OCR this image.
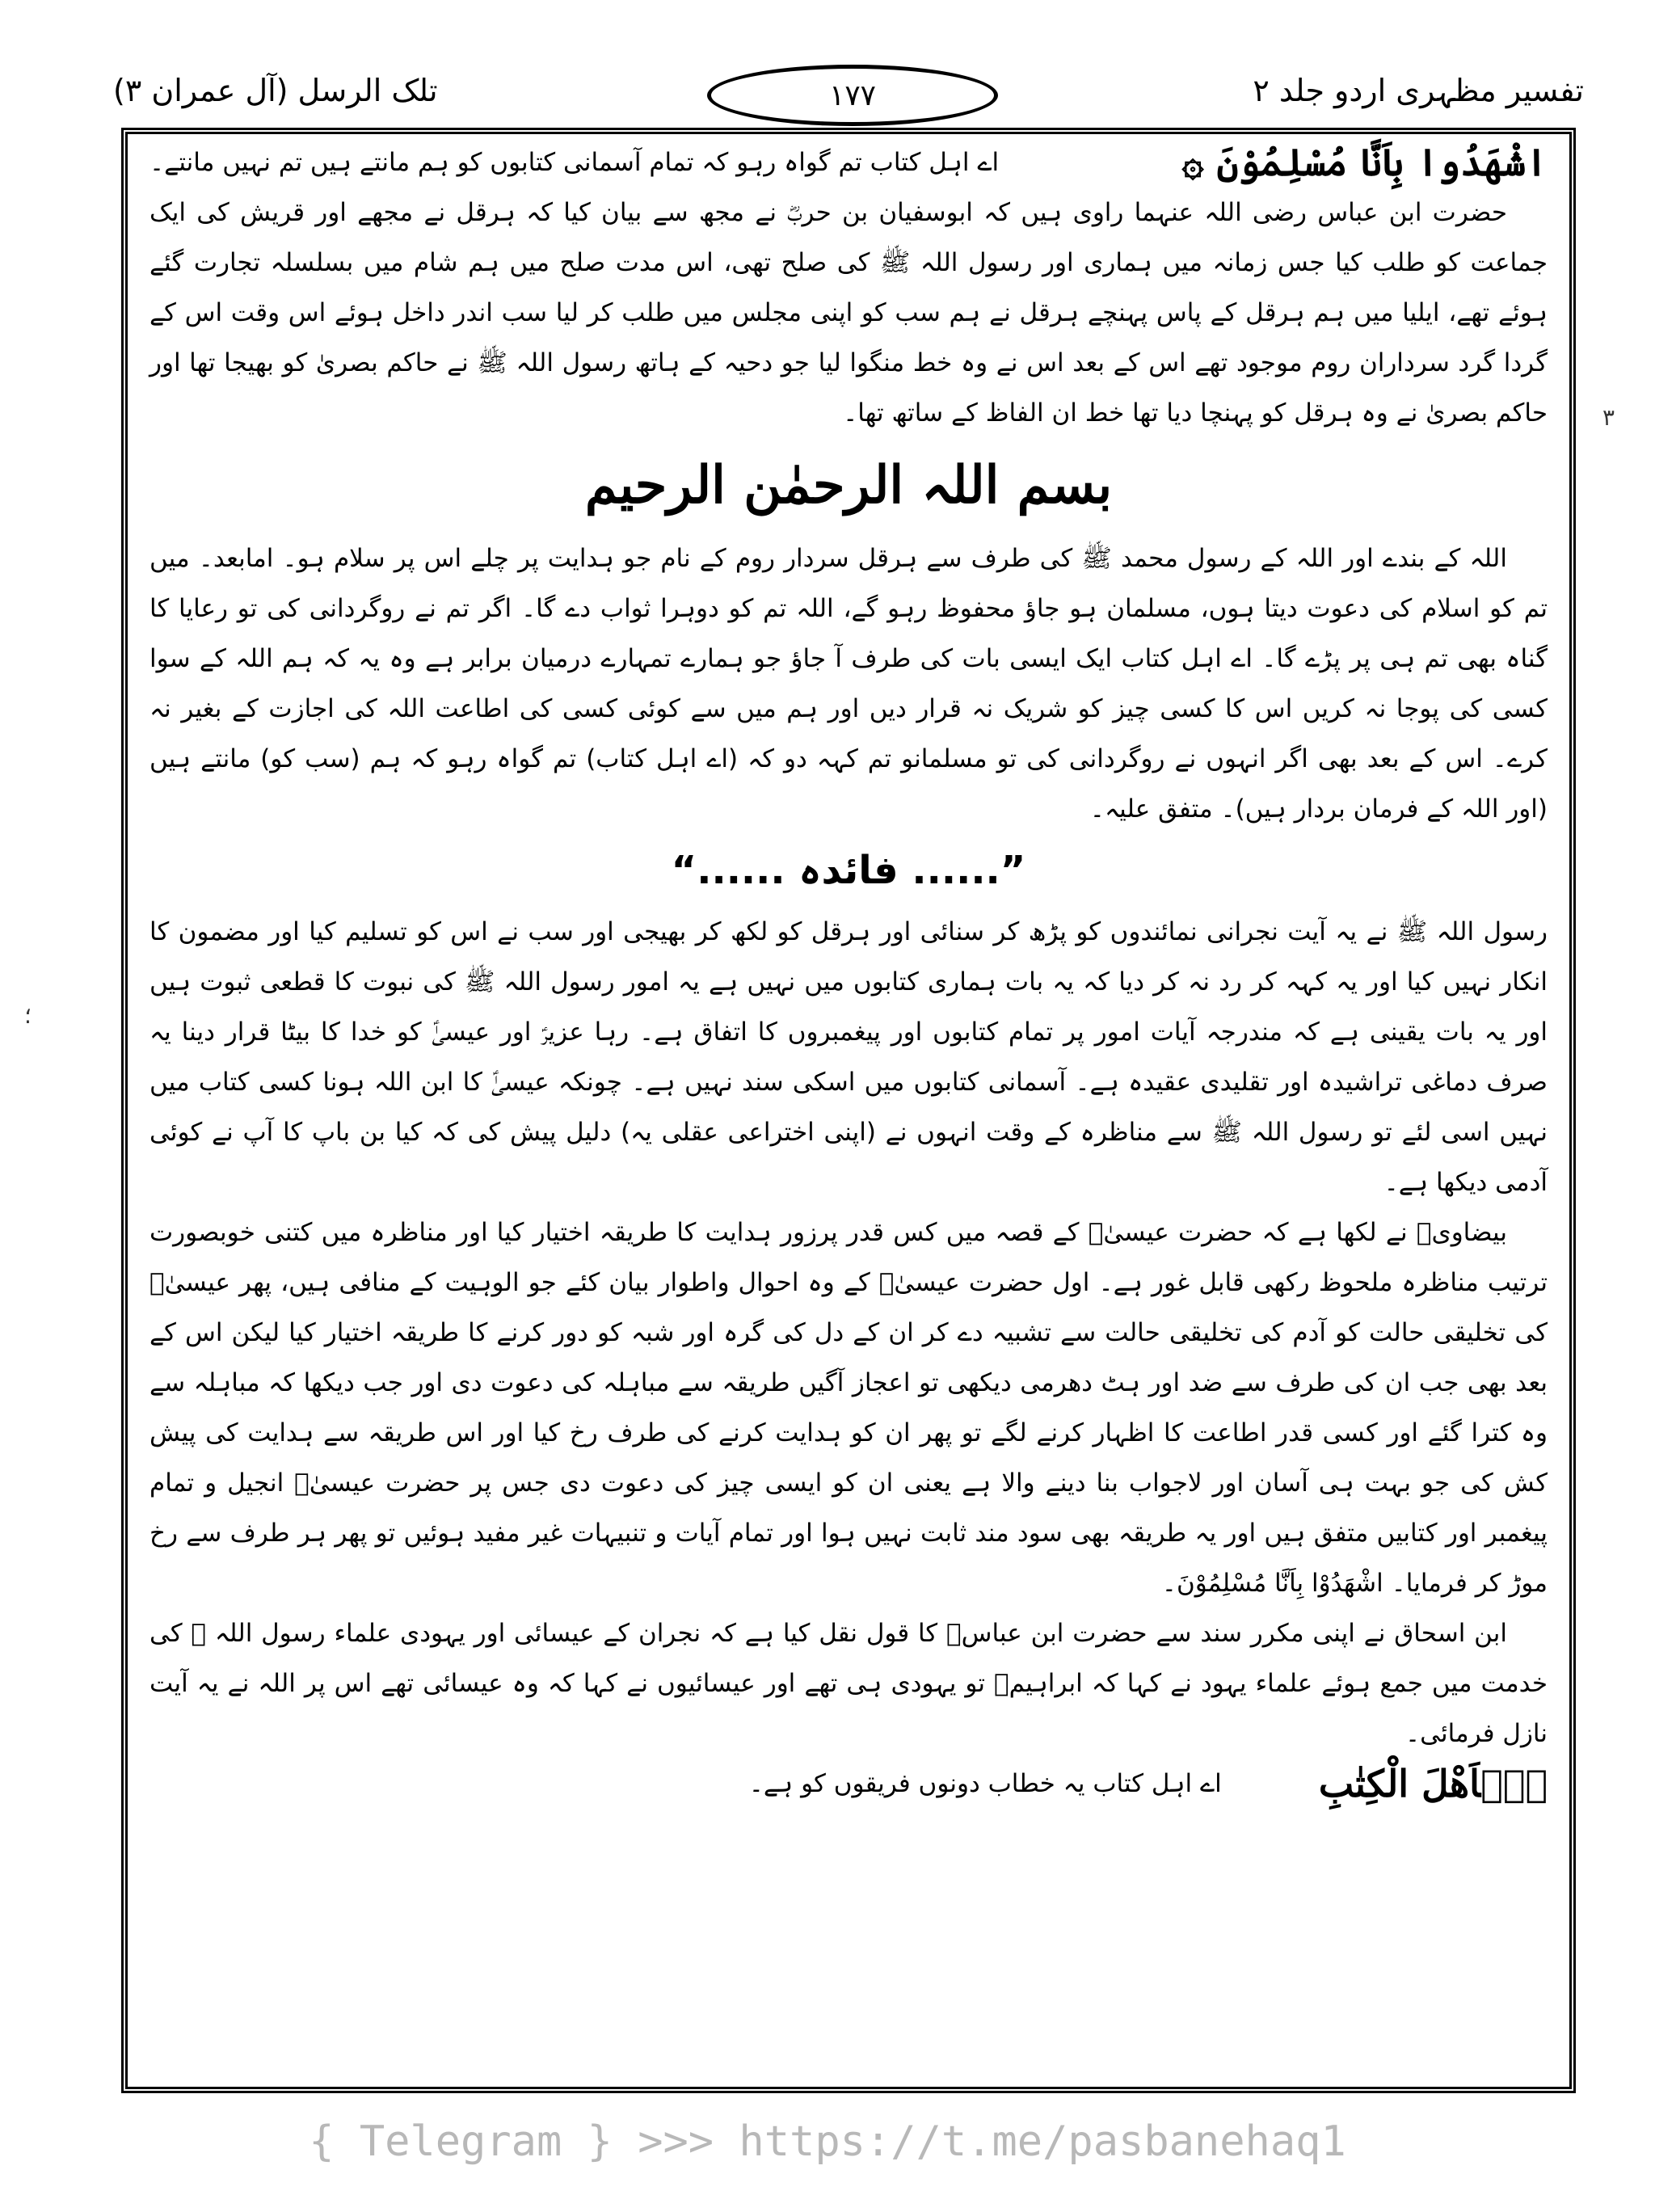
تفسیر مظہری اردو جلد ۲
۱۷۷
تلک الرسل (آل عمران ۳)
۳
؛
اشْهَدُوا بِاَنَّا مُسْلِمُوْنَ ۞
اے اہل کتاب تم گواہ رہو کہ تمام آسمانی کتابوں کو ہم مانتے ہیں تم نہیں مانتے۔

حضرت ابن عباس رضی اللہ عنہما راوی ہیں کہ ابوسفیان بن حربؓ نے مجھ سے بیان کیا کہ ہرقل نے مجھے اور قریش کی ایک جماعت کو طلب کیا جس زمانہ میں ہماری اور رسول اللہ ﷺ کی صلح تھی، اس مدت صلح میں ہم شام میں بسلسلہ تجارت گئے ہوئے تھے، ایلیا میں ہم ہرقل کے پاس پہنچے ہرقل نے ہم سب کو اپنی مجلس میں طلب کر لیا سب اندر داخل ہوئے اس وقت اس کے گردا گرد سرداران روم موجود تھے اس کے بعد اس نے وہ خط منگوا لیا جو دحیہ کے ہاتھ رسول اللہ ﷺ نے حاکم بصریٰ کو بھیجا تھا اور حاکم بصریٰ نے وہ ہرقل کو پہنچا دیا تھا خط ان الفاظ کے ساتھ تھا۔

بسم اللہ الرحمٰن الرحیم

اللہ کے بندے اور اللہ کے رسول محمد ﷺ کی طرف سے ہرقل سردار روم کے نام جو ہدایت پر چلے اس پر سلام ہو۔ امابعد۔ میں تم کو اسلام کی دعوت دیتا ہوں، مسلمان ہو جاؤ محفوظ رہو گے، اللہ تم کو دوہرا ثواب دے گا۔ اگر تم نے روگردانی کی تو رعایا کا گناہ بھی تم ہی پر پڑے گا۔ اے اہل کتاب ایک ایسی بات کی طرف آ جاؤ جو ہمارے تمہارے درمیان برابر ہے وہ یہ کہ ہم اللہ کے سوا کسی کی پوجا نہ کریں اس کا کسی چیز کو شریک نہ قرار دیں اور ہم میں سے کوئی کسی کی اطاعت اللہ کی اجازت کے بغیر نہ کرے۔ اس کے بعد بھی اگر انہوں نے روگردانی کی تو مسلمانو تم کہہ دو کہ (اے اہل کتاب) تم گواہ رہو کہ ہم (سب کو) مانتے ہیں (اور اللہ کے فرمان بردار ہیں)۔ متفق علیہ۔

”...... فائدہ ......“

رسول اللہ ﷺ نے یہ آیت نجرانی نمائندوں کو پڑھ کر سنائی اور ہرقل کو لکھ کر بھیجی اور سب نے اس کو تسلیم کیا اور مضمون کا انکار نہیں کیا اور یہ کہہ کر رد نہ کر دیا کہ یہ بات ہماری کتابوں میں نہیں ہے یہ امور رسول اللہ ﷺ کی نبوت کا قطعی ثبوت ہیں اور یہ بات یقینی ہے کہ مندرجہ آیات امور پر تمام کتابوں اور پیغمبروں کا اتفاق ہے۔ رہا عزیرؑ اور عیسیٰؑ کو خدا کا بیٹا قرار دینا یہ صرف دماغی تراشیدہ اور تقلیدی عقیدہ ہے۔ آسمانی کتابوں میں اسکی سند نہیں ہے۔ چونکہ عیسیٰؑ کا ابن اللہ ہونا کسی کتاب میں نہیں اسی لئے تو رسول اللہ ﷺ سے مناظرہ کے وقت انہوں نے (اپنی اختراعی عقلی یہ) دلیل پیش کی کہ کیا بن باپ کا آپ نے کوئی آدمی دیکھا ہے۔

بیضاویؒ نے لکھا ہے کہ حضرت عیسیٰؑ کے قصہ میں کس قدر پرزور ہدایت کا طریقہ اختیار کیا اور مناظرہ میں کتنی خوبصورت ترتیب مناظرہ ملحوظ رکھی قابل غور ہے۔ اول حضرت عیسیٰؑ کے وہ احوال واطوار بیان کئے جو الوہیت کے منافی ہیں، پھر عیسیٰؑ کی تخلیقی حالت کو آدم کی تخلیقی حالت سے تشبیہ دے کر ان کے دل کی گرہ اور شبہ کو دور کرنے کا طریقہ اختیار کیا لیکن اس کے بعد بھی جب ان کی طرف سے ضد اور ہٹ دھرمی دیکھی تو اعجاز آگیں طریقہ سے مباہلہ کی دعوت دی اور جب دیکھا کہ مباہلہ سے وہ کترا گئے اور کسی قدر اطاعت کا اظہار کرنے لگے تو پھر ان کو ہدایت کرنے کی طرف رخ کیا اور اس طریقہ سے ہدایت کی پیش کش کی جو بہت ہی آسان اور لاجواب بنا دینے والا ہے یعنی ان کو ایسی چیز کی دعوت دی جس پر حضرت عیسیٰؑ انجیل و تمام پیغمبر اور کتابیں متفق ہیں اور یہ طریقہ بھی سود مند ثابت نہیں ہوا اور تمام آیات و تنبیہات غیر مفید ہوئیں تو پھر ہر طرف سے رخ موڑ کر فرمایا۔ اشْهَدُوْا بِاَنَّا مُسْلِمُوْنَ۔

ابن اسحاق نے اپنی مکرر سند سے حضرت ابن عباسؓ کا قول نقل کیا ہے کہ نجران کے عیسائی اور یہودی علماء رسول اللہ ﷺ کی خدمت میں جمع ہوئے علماء یہود نے کہا کہ ابراہیمؑ تو یہودی ہی تھے اور عیسائیوں نے کہا کہ وہ عیسائی تھے اس پر اللہ نے یہ آیت نازل فرمائی۔

يٰۤاَهْلَ الْكِتٰبِ
اے اہل کتاب یہ خطاب دونوں فریقوں کو ہے۔
{ Telegram } >>> https://t.me/pasbanehaq1
